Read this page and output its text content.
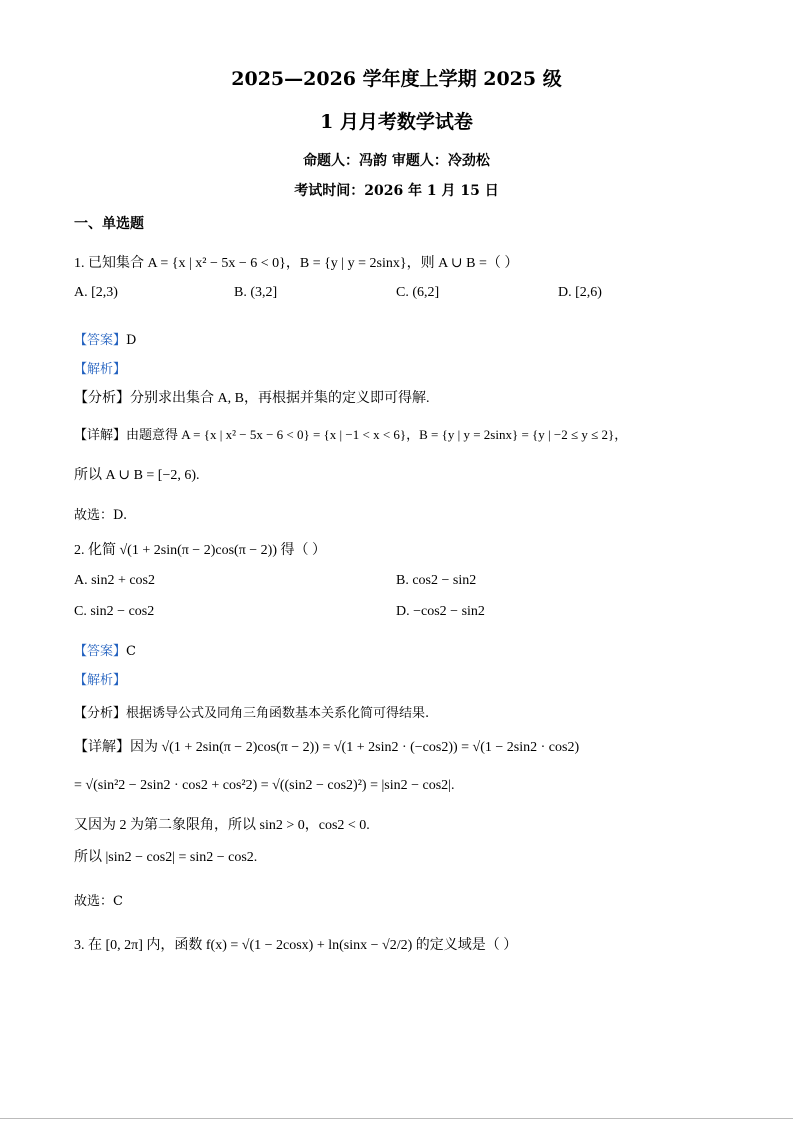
2025—2026 学年度上学期 2025 级
1 月月考数学试卷
命题人：冯韵 审题人：冷劲松
考试时间：2026 年 1 月 15 日
一、单选题
1. 已知集合 A = {x | x² − 5x − 6 < 0}，B = {y | y = 2sinx}，则 A ∪ B =（ ）
A. [2,3)	B. (3,2]	C. (6,2]	D. [2,6)
【答案】D
【解析】
【分析】分别求出集合 A, B，再根据并集的定义即可得解.
【详解】由题意得 A = {x | x² − 5x − 6 < 0} = {x | −1 < x < 6}，B = {y | y = 2sinx} = {y | −2 ≤ y ≤ 2}，
所以 A ∪ B = [−2, 6).
故选：D.
2. 化简 √(1 + 2sin(π − 2)cos(π − 2)) 得（ ）
A. sin2 + cos2	B. cos2 − sin2
C. sin2 − cos2	D. −cos2 − sin2
【答案】C
【解析】
【分析】根据诱导公式及同角三角函数基本关系化简可得结果.
【详解】因为 √(1 + 2sin(π − 2)cos(π − 2)) = √(1 + 2sin2 · (−cos2)) = √(1 − 2sin2 · cos2)
= √(sin²2 − 2sin2 · cos2 + cos²2) = √((sin2 − cos2)²) = |sin2 − cos2|.
又因为 2 为第二象限角，所以 sin2 > 0，cos2 < 0.
所以 |sin2 − cos2| = sin2 − cos2.
故选：C
3. 在 [0, 2π] 内，函数 f(x) = √(1 − 2cosx) + ln(sinx − √2/2) 的定义域是（ ）
